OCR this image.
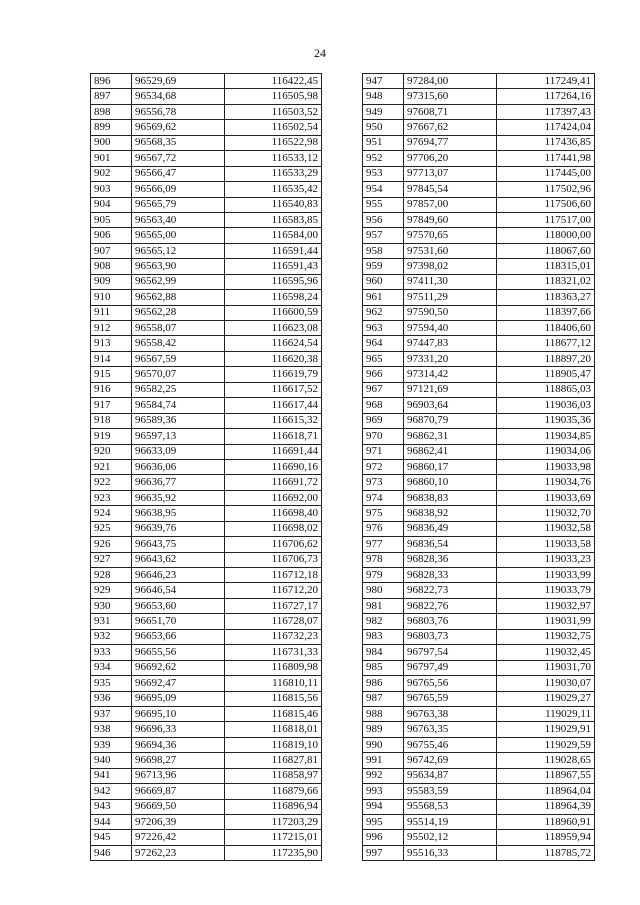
24
896	96529,69	116422,45
897	96534,68	116505,98
898	96556,78	116503,52
899	96569,62	116502,54
900	96568,35	116522,98
901	96567,72	116533,12
902	96566,47	116533,29
903	96566,09	116535,42
904	96565,79	116540,83
905	96563,40	116583,85
906	96565,00	116584,00
907	96565,12	116591,44
908	96563,90	116591,43
909	96562,99	116595,96
910	96562,88	116598,24
911	96562,28	116600,59
912	96558,07	116623,08
913	96558,42	116624,54
914	96567,59	116620,38
915	96570,07	116619,79
916	96582,25	116617,52
917	96584,74	116617,44
918	96589,36	116615,32
919	96597,13	116618,71
920	96633,09	116691,44
921	96636,06	116690,16
922	96636,77	116691,72
923	96635,92	116692,00
924	96638,95	116698,40
925	96639,76	116698,02
926	96643,75	116706,62
927	96643,62	116706,73
928	96646,23	116712,18
929	96646,54	116712,20
930	96653,60	116727,17
931	96651,70	116728,07
932	96653,66	116732,23
933	96655,56	116731,33
934	96692,62	116809,98
935	96692,47	116810,11
936	96695,09	116815,56
937	96695,10	116815,46
938	96696,33	116818,01
939	96694,36	116819,10
940	96698,27	116827,81
941	96713,96	116858,97
942	96669,87	116879,66
943	96669,50	116896,94
944	97206,39	117203,29
945	97226,42	117215,01
946	97262,23	117235,90
947	97284,00	117249,41
948	97315,60	117264,16
949	97608,71	117397,43
950	97667,62	117424,04
951	97694,77	117436,85
952	97706,20	117441,98
953	97713,07	117445,00
954	97845,54	117502,96
955	97857,00	117506,60
956	97849,60	117517,00
957	97570,65	118000,00
958	97531,60	118067,60
959	97398,02	118315,01
960	97411,30	118321,02
961	97511,29	118363,27
962	97590,50	118397,66
963	97594,40	118406,60
964	97447,83	118677,12
965	97331,20	118897,20
966	97314,42	118905,47
967	97121,69	118865,03
968	96903,64	119036,03
969	96870,79	119035,36
970	96862,31	119034,85
971	96862,41	119034,06
972	96860,17	119033,98
973	96860,10	119034,76
974	96838,83	119033,69
975	96838,92	119032,70
976	96836,49	119032,58
977	96836,54	119033,58
978	96828,36	119033,23
979	96828,33	119033,99
980	96822,73	119033,79
981	96822,76	119032,97
982	96803,76	119031,99
983	96803,73	119032,75
984	96797,54	119032,45
985	96797,49	119031,70
986	96765,56	119030,07
987	96765,59	119029,27
988	96763,38	119029,11
989	96763,35	119029,91
990	96755,46	119029,59
991	96742,69	119028,65
992	95634,87	118967,55
993	95583,59	118964,04
994	95568,53	118964,39
995	95514,19	118960,91
996	95502,12	118959,94
997	95516,33	118785,72
